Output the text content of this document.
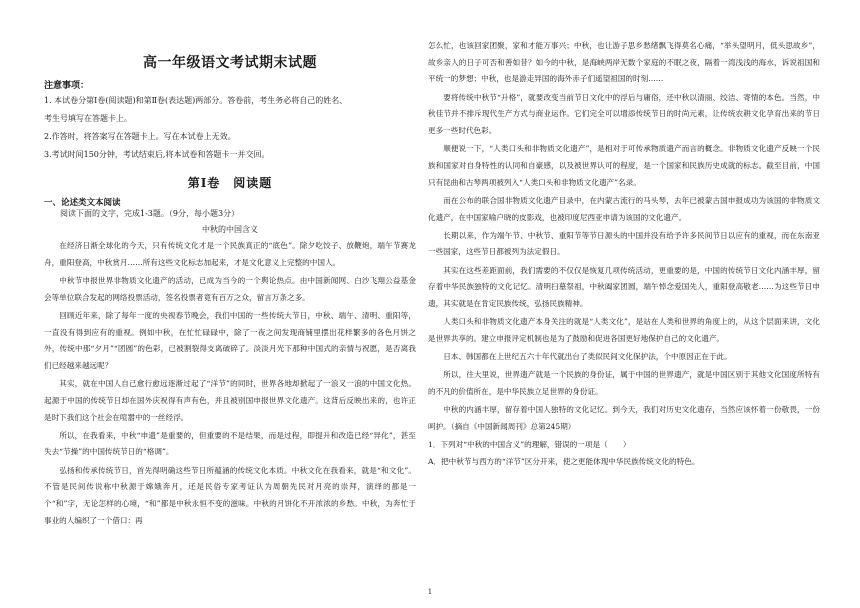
高一年级语文考试期末试题
注意事项：

1. 本试卷分第Ⅰ卷(阅读题)和第Ⅱ卷(表达题)两部分。答卷前，考生务必将自己的姓名、

考生号填写在答题卡上。

2.作答时，将答案写在答题卡上。写在本试卷上无效。

3.考试时间150分钟，考试结束后,将本试卷和答题卡一并交回。

第Ⅰ卷　阅读题
一、论述类文本阅读
阅读下面的文字，完成1-3题。（9分，每小题3分）
中秋的中国含义

在经济日渐全球化的今天，只有传统文化才是一个民族真正的“底色”。除夕吃饺子、放鞭炮，端午节赛龙舟，重阳登高，中秋赏月……所有这些文化标志加起来，才是文化意义上完整的中国人。

中秋节申报世界非物质文化遗产的活动，已成为当今的一个舆论热点。由中国新闻网、白沙飞翔公益基金会等单位联合发起的网络投票活动，签名投票者竟有百万之众，留言万条之多。

回顾近年来，除了每年一度的央视春节晚会，我们中国的一些传统大节日，中秋、端午、清明、重阳等，一直没有得到应有的重视。例如中秋，在忙忙碌碌中，除了一夜之间发现商铺里摆出花样繁多的各色月饼之外，传统中那“夕月”“团圆”的色彩，已被割裂得支离破碎了。淡淡月光下那种中国式的亲情与祝愿，是否离我们已经越来越远呢？

其实，就在中国人自己愈行愈远逐渐过起了“洋节”的同时，世界各地却掀起了一浪又一浪的中国文化热。起源于中国的传统节日却在国外庆祝得有声有色，并且被别国申报世界文化遗产。这背后反映出来的，也许正是时下我们这个社会在喧嚣中的一丝经浮。

所以，在我看来，中秋“申遗”是重要的，但重要的不是结果，而是过程，即提升和改造已经“异化”，甚至失去“节操”的中国传统节日的“格调”。

弘扬和传承传统节日，首先得明确这些节日所蕴涵的传统文化本质。中秋文化在我看来，就是“和文化”。不管是民间传说称中秋源于嫦娥奔月，还是民俗专家考证认为周朝先民对月亮的崇拜，演绎的都是一个“和”字，无论怎样的心境，“和”都是中秋永恒不变的滋味。中秋的月饼化不开浓浓的乡愁。中秋，为奔忙于事业的人编织了一个借口：再

怎么忙，也该回家团聚，家和才能万事兴；中秋，也让游子思乡愁绪飘飞得莫名心痛，“举头望明月，低头思故乡”，故乡亲人的日子可否和善如昔？如今的中秋，是海峡两岸无数个家庭的不眠之夜，隔着一湾浅浅的海水，诉说祖国和平统一的梦想；中秋，也是游走异国的海外赤子们遥望祖国的时刻……

要将传统中秋节“升格”，就要改变当前节日文化中的浮后与庸俗，还中秋以清丽、绞洁、寄情的本色。当然，中秋佳节并不排斥现代生产方式与商业运作。它们完全可以增添传统节日的时尚元素，让传统农耕文化孕育出来的节日更多一些时代色彩。

顺便说一下，“人类口头和非物质文化遗产”，是相对于可传承物质遗产而言的概念。非物质文化遗产反映一个民族和国家对自身特性的认同和自豪感，以及被世界认可的程度，是一个国家和民族历史成就的标志。截至目前，中国只有昆曲和古琴两项被列入“人类口头和非物质文化遗产”名录。

而在公布的联合国非物质文化遗产目录中，在内蒙古流行的马头琴，去年已被蒙古国申报成功为该国的非物质文化遗产，在中国家喻户晓的皮影戏，也被印度尼西亚申请为该国的文化遗产。

长期以来，作为端午节、中秋节、重阳节等节日源头的中国并没有给予许多民间节日以应有的重视，而在东南亚一些国家，这些节日都被列为法定假日。

其实在这些差距面前，我们需要的不仅仅是恢复几项传统活动，更重要的是，中国的传统节日文化内涵丰厚，留存着中华民族独特的文化记忆。清明扫墓祭祖，中秋阖家团圆，端午悼念爱国先人，重阳登高敬老……为这些节日申遗，其实就是在肯定民族传统，弘扬民族精神。

人类口头和非物质文化遗产本身关注的就是“人类文化”，是站在人类和世界的角度上的，从这个层面来讲，文化是世界共享的。建立申报评定机制也是为了鼓励和促进各国更好地保护自己的文化遗产。

日本、韩国都在上世纪五六十年代就出台了类似民间文化保护法，个中原因正在于此。

所以，往大里说，世界遗产就是一个民族的身份证，属于中国的世界遗产，就是中国区别于其他文化国度所特有的不凡的价值所在，是中华民族立足世界的身份证。

中秋的内涵丰厚，留存着中国人独特的文化记忆。到今天，我们对历史文化遗存，当然应该怀着一份敬畏，一份呵护。（摘自《中国新闻周刊》总第245期）

1．下列对“中秋的中国含义”的理解，错误的一项是（　　）

A．把中秋节与西方的“洋节”区分开来，使之更能体现中华民族传统文化的特色。

1
